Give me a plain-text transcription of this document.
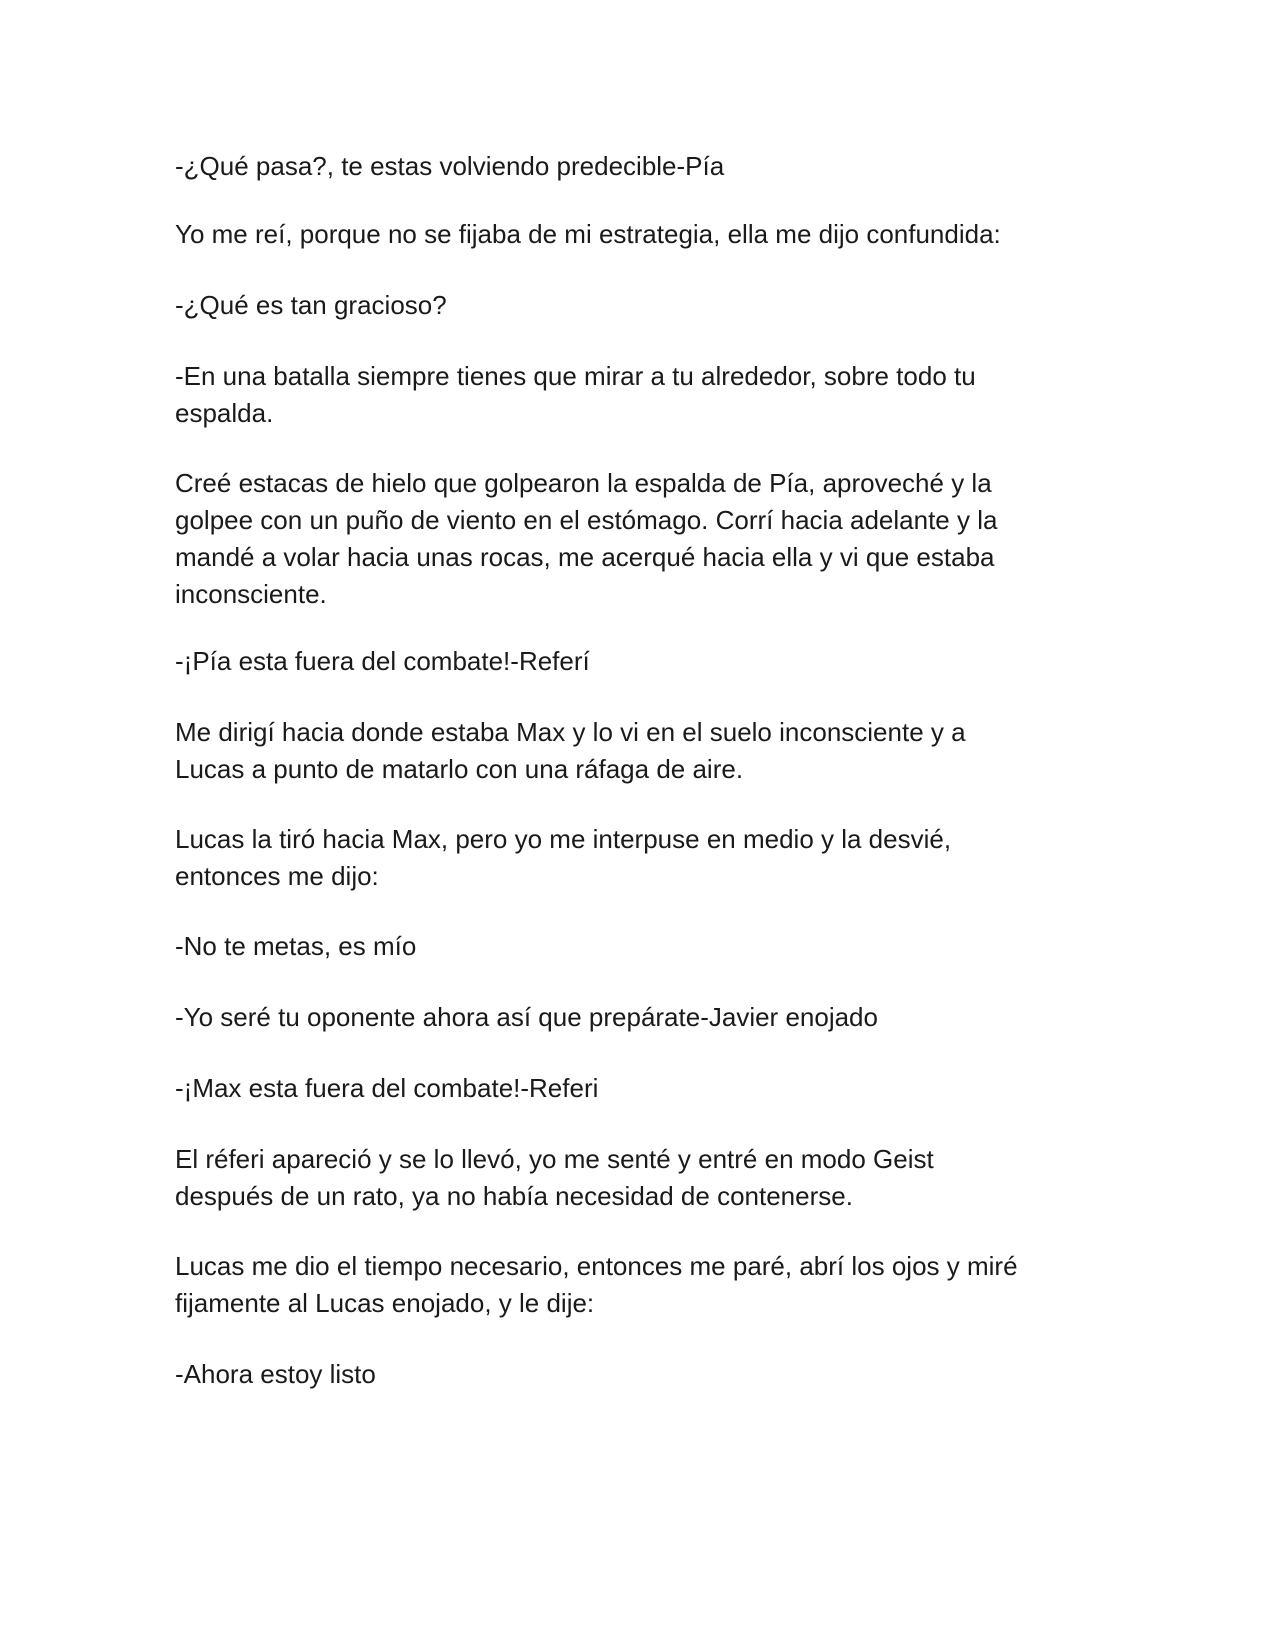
-¿Qué pasa?, te estas volviendo predecible-Pía

Yo me reí, porque no se fijaba de mi estrategia, ella me dijo confundida:

-¿Qué es tan gracioso?

-En una batalla siempre tienes que mirar a tu alrededor, sobre todo tu
espalda.

Creé estacas de hielo que golpearon la espalda de Pía, aproveché y la
golpee con un puño de viento en el estómago. Corrí hacia adelante y la
mandé a volar hacia unas rocas, me acerqué hacia ella y vi que estaba
inconsciente.

-¡Pía esta fuera del combate!-Referí

Me dirigí hacia donde estaba Max y lo vi en el suelo inconsciente y a
Lucas a punto de matarlo con una ráfaga de aire.

Lucas la tiró hacia Max, pero yo me interpuse en medio y la desvié,
entonces me dijo:

-No te metas, es mío

-Yo seré tu oponente ahora así que prepárate-Javier enojado

-¡Max esta fuera del combate!-Referi

El réferi apareció y se lo llevó, yo me senté y entré en modo Geist
después de un rato, ya no había necesidad de contenerse.

Lucas me dio el tiempo necesario, entonces me paré, abrí los ojos y miré
fijamente al Lucas enojado, y le dije:

-Ahora estoy listo
